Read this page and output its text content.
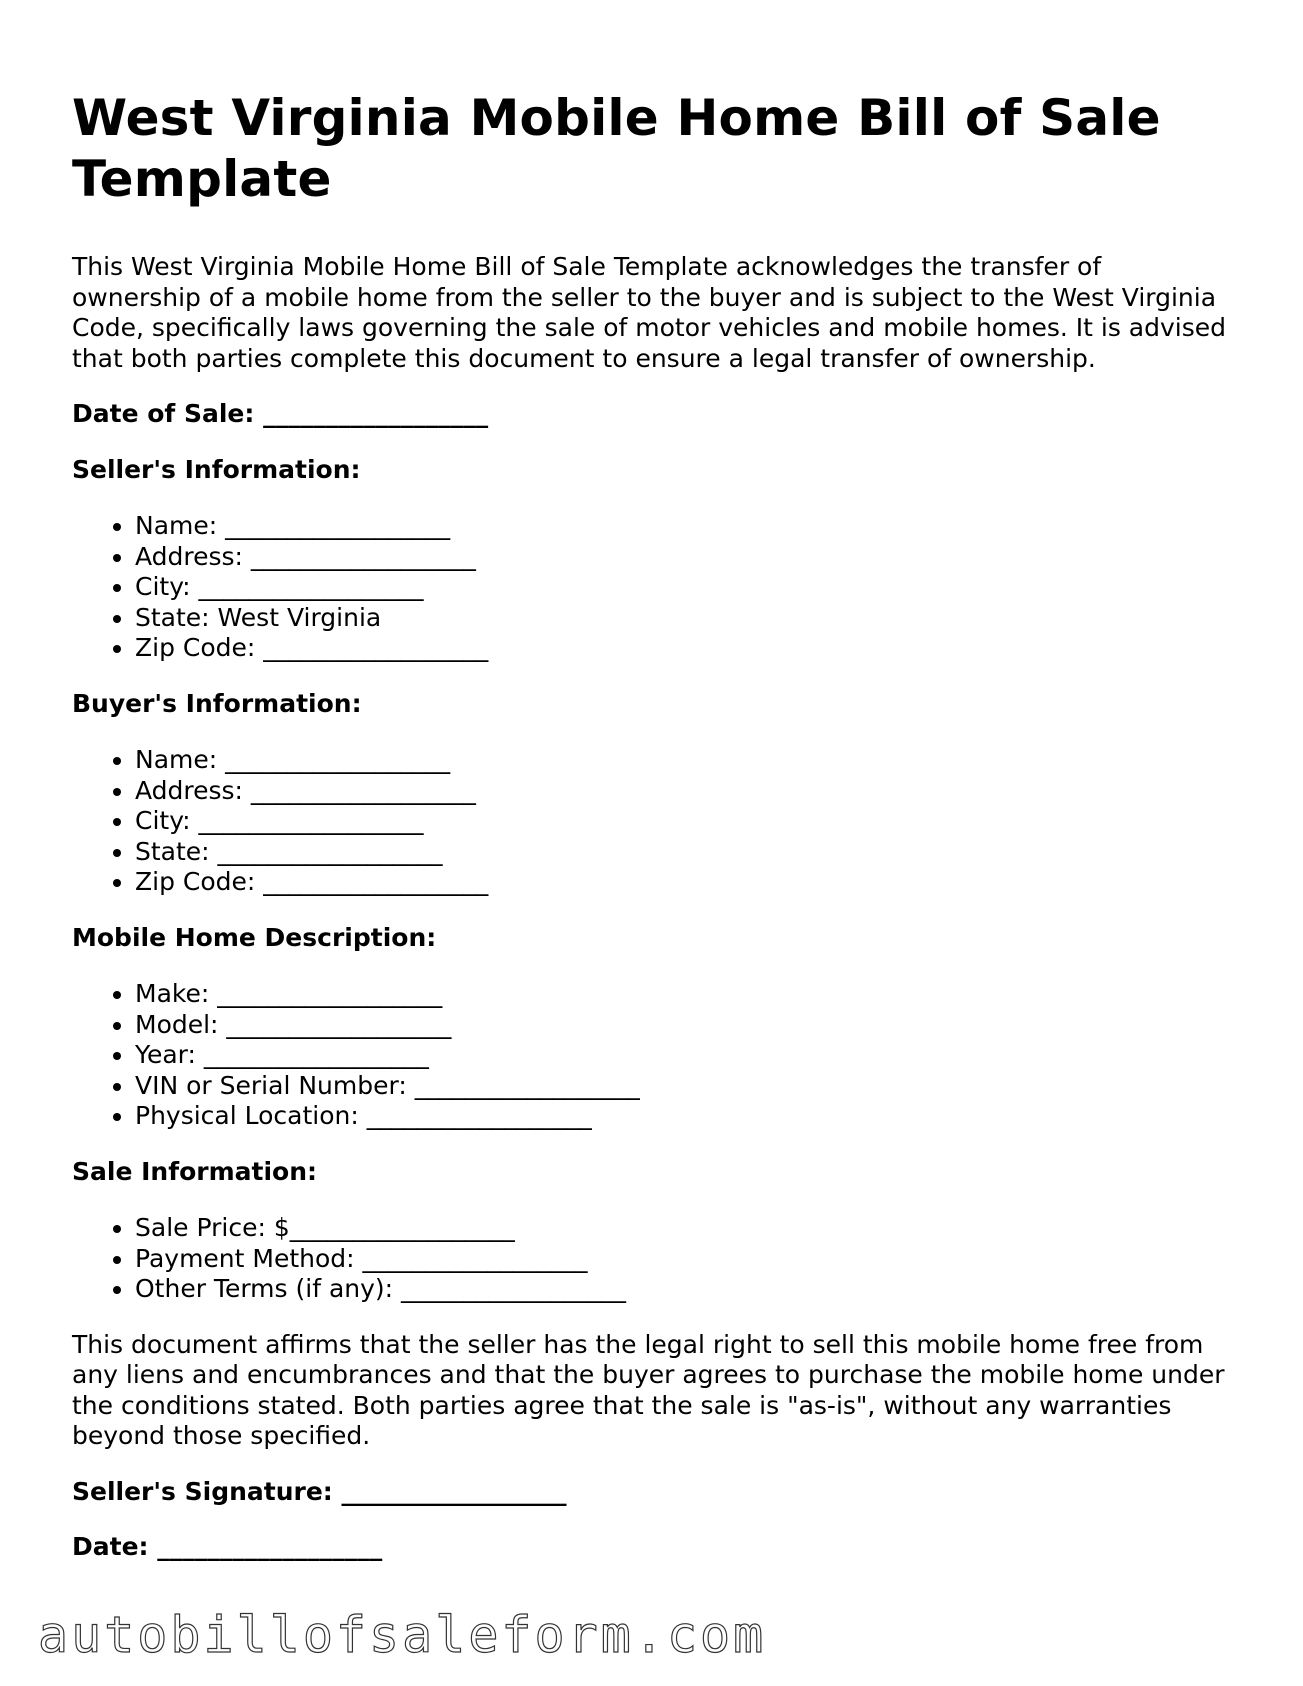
West Virginia Mobile Home Bill of Sale Template

This West Virginia Mobile Home Bill of Sale Template acknowledges the transfer of ownership of a mobile home from the seller to the buyer and is subject to the West Virginia Code, specifically laws governing the sale of motor vehicles and mobile homes. It is advised that both parties complete this document to ensure a legal transfer of ownership.

Date of Sale: __________________
Seller's Information:
• Name: __________________
• Address: __________________
• City: __________________
• State: West Virginia
• Zip Code: __________________
Buyer's Information:
• Name: __________________
• Address: __________________
• City: __________________
• State: __________________
• Zip Code: __________________
Mobile Home Description:
• Make: __________________
• Model: __________________
• Year: __________________
• VIN or Serial Number: __________________
• Physical Location: __________________
Sale Information:
• Sale Price: $__________________
• Payment Method: __________________
• Other Terms (if any): __________________

This document affirms that the seller has the legal right to sell this mobile home free from any liens and encumbrances and that the buyer agrees to purchase the mobile home under the conditions stated. Both parties agree that the sale is "as-is", without any warranties beyond those specified.

Seller's Signature: __________________
Date: __________________
autobillofsaleform.com
